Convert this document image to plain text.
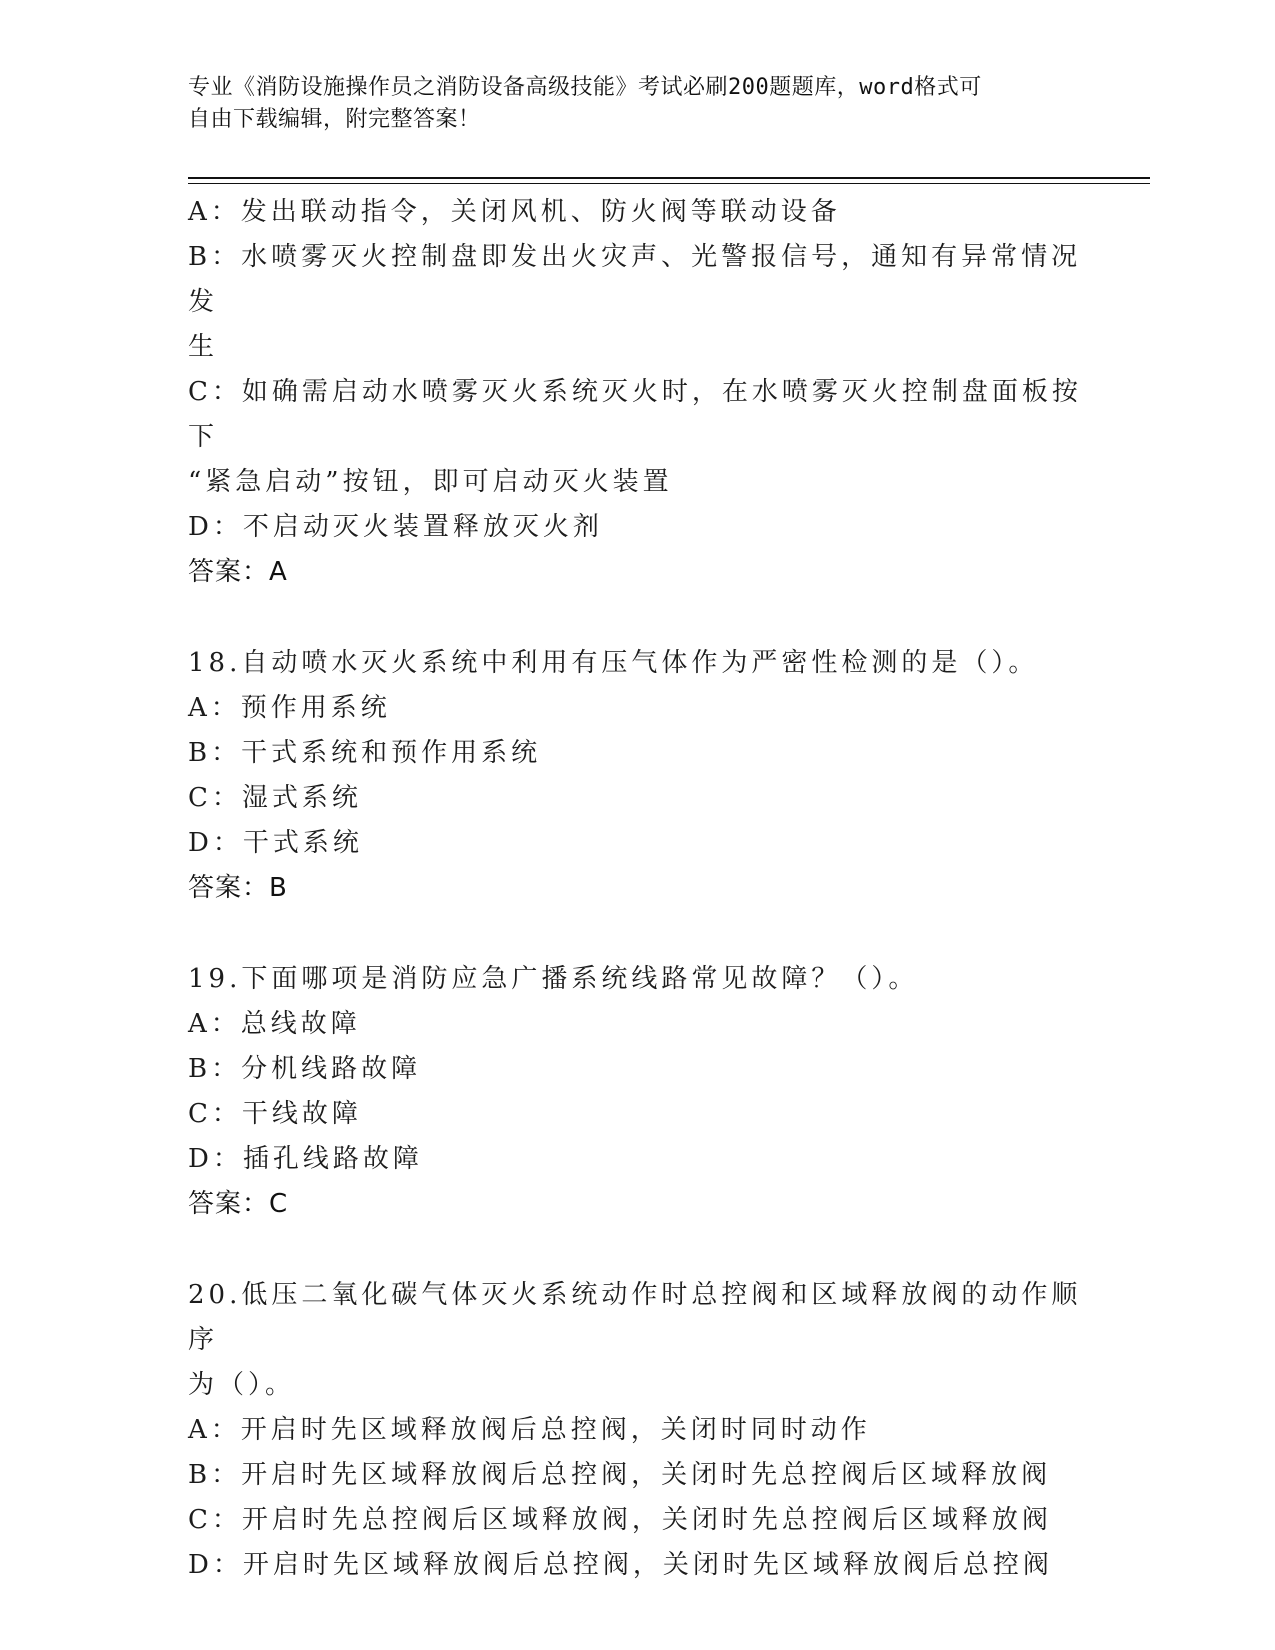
专业《消防设施操作员之消防设备高级技能》考试必刷200题题库，word格式可
自由下载编辑，附完整答案！
A：发出联动指令，关闭风机、防火阀等联动设备
B：水喷雾灭火控制盘即发出火灾声、光警报信号，通知有异常情况发
生
C：如确需启动水喷雾灭火系统灭火时，在水喷雾灭火控制盘面板按下
“紧急启动”按钮，即可启动灭火装置
D：不启动灭火装置释放灭火剂
答案：A
18.自动喷水灭火系统中利用有压气体作为严密性检测的是（）。
A：预作用系统
B：干式系统和预作用系统
C：湿式系统
D：干式系统
答案：B
19.下面哪项是消防应急广播系统线路常见故障？（）。
A：总线故障
B：分机线路故障
C：干线故障
D：插孔线路故障
答案：C
20.低压二氧化碳气体灭火系统动作时总控阀和区域释放阀的动作顺序
为（）。
A：开启时先区域释放阀后总控阀，关闭时同时动作
B：开启时先区域释放阀后总控阀，关闭时先总控阀后区域释放阀
C：开启时先总控阀后区域释放阀，关闭时先总控阀后区域释放阀
D：开启时先区域释放阀后总控阀，关闭时先区域释放阀后总控阀
